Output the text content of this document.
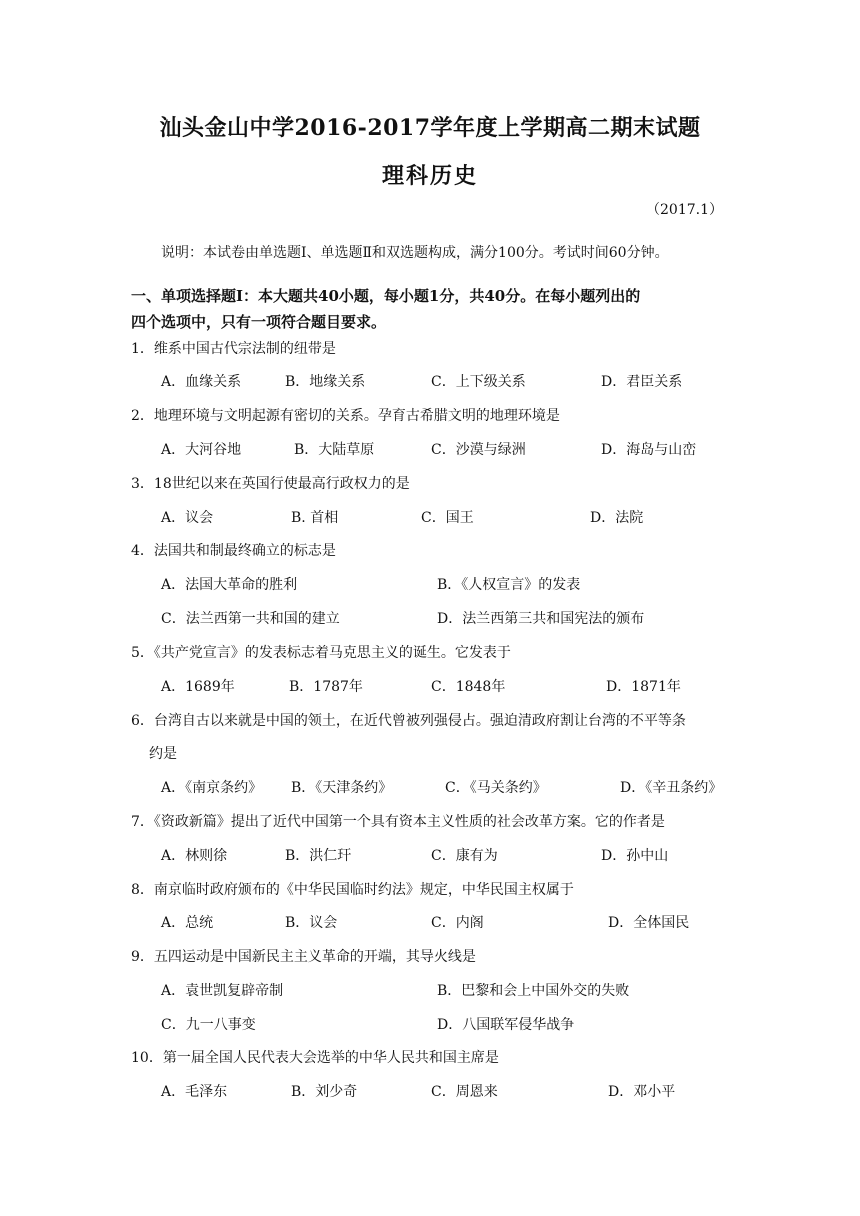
汕头金山中学2016-2017学年度上学期高二期末试题
理科历史
（2017.1）
说明：本试卷由单选题Ⅰ、单选题Ⅱ和双选题构成，满分100分。考试时间60分钟。
一、单项选择题Ⅰ：本大题共40小题，每小题1分，共40分。在每小题列出的
四个选项中，只有一项符合题目要求。
1．维系中国古代宗法制的纽带是
A．血缘关系	B．地缘关系	C．上下级关系	D．君臣关系
2．地理环境与文明起源有密切的关系。孕育古希腊文明的地理环境是
A．大河谷地	B．大陆草原	C．沙漠与绿洲	D．海岛与山峦
3．18世纪以来在英国行使最高行政权力的是
A．议会	B. 首相	C．国王	D．法院
4．法国共和制最终确立的标志是
A．法国大革命的胜利	B．《人权宣言》的发表
C．法兰西第一共和国的建立	D．法兰西第三共和国宪法的颁布
5．《共产党宣言》的发表标志着马克思主义的诞生。它发表于
A．1689年	B．1787年	C．1848年	D．1871年
6．台湾自古以来就是中国的领土，在近代曾被列强侵占。强迫清政府割让台湾的不平等条
约是
A．《南京条约》 B．《天津条约》	C．《马关条约》	D．《辛丑条约》
7．《资政新篇》提出了近代中国第一个具有资本主义性质的社会改革方案。它的作者是
A．林则徐	B．洪仁玕	C．康有为	D．孙中山
8．南京临时政府颁布的《中华民国临时约法》规定，中华民国主权属于
A．总统	B．议会	C．内阁	D．全体国民
9．五四运动是中国新民主主义革命的开端，其导火线是
A．袁世凯复辟帝制	B．巴黎和会上中国外交的失败
C．九一八事变	D．八国联军侵华战争
10．第一届全国人民代表大会选举的中华人民共和国主席是
A．毛泽东	B．刘少奇	C．周恩来	D．邓小平
